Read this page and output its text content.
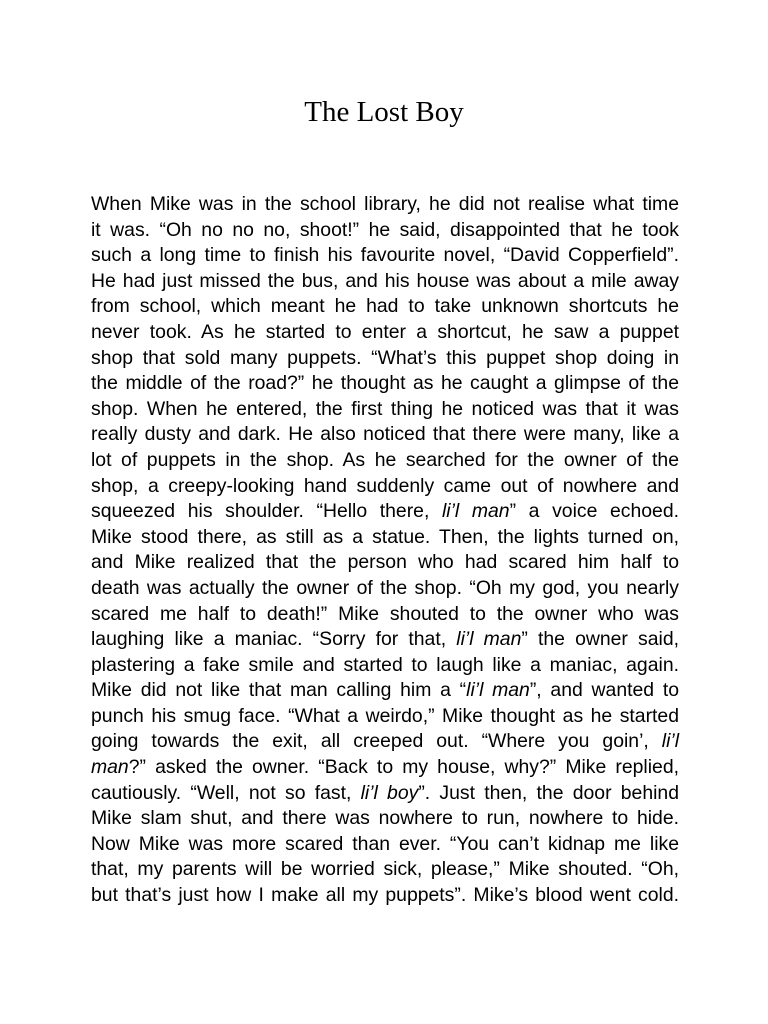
The Lost Boy
When Mike was in the school library, he did not realise what time
it was. “Oh no no no, shoot!” he said, disappointed that he took
such a long time to finish his favourite novel, “David Copperfield”.
He had just missed the bus, and his house was about a mile away
from school, which meant he had to take unknown shortcuts he
never took. As he started to enter a shortcut, he saw a puppet
shop that sold many puppets. “What’s this puppet shop doing in
the middle of the road?” he thought as he caught a glimpse of the
shop. When he entered, the first thing he noticed was that it was
really dusty and dark. He also noticed that there were many, like a
lot of puppets in the shop. As he searched for the owner of the
shop, a creepy-looking hand suddenly came out of nowhere and
squeezed his shoulder. “Hello there, li’l man” a voice echoed.
Mike stood there, as still as a statue. Then, the lights turned on,
and Mike realized that the person who had scared him half to
death was actually the owner of the shop. “Oh my god, you nearly
scared me half to death!” Mike shouted to the owner who was
laughing like a maniac. “Sorry for that, li’l man” the owner said,
plastering a fake smile and started to laugh like a maniac, again.
Mike did not like that man calling him a “li’l man”, and wanted to
punch his smug face. “What a weirdo,” Mike thought as he started
going towards the exit, all creeped out. “Where you goin’, li’l
man?” asked the owner. “Back to my house, why?” Mike replied,
cautiously. “Well, not so fast, li’l boy”. Just then, the door behind
Mike slam shut, and there was nowhere to run, nowhere to hide.
Now Mike was more scared than ever. “You can’t kidnap me like
that, my parents will be worried sick, please,” Mike shouted. “Oh,
but that’s just how I make all my puppets”. Mike’s blood went cold.
